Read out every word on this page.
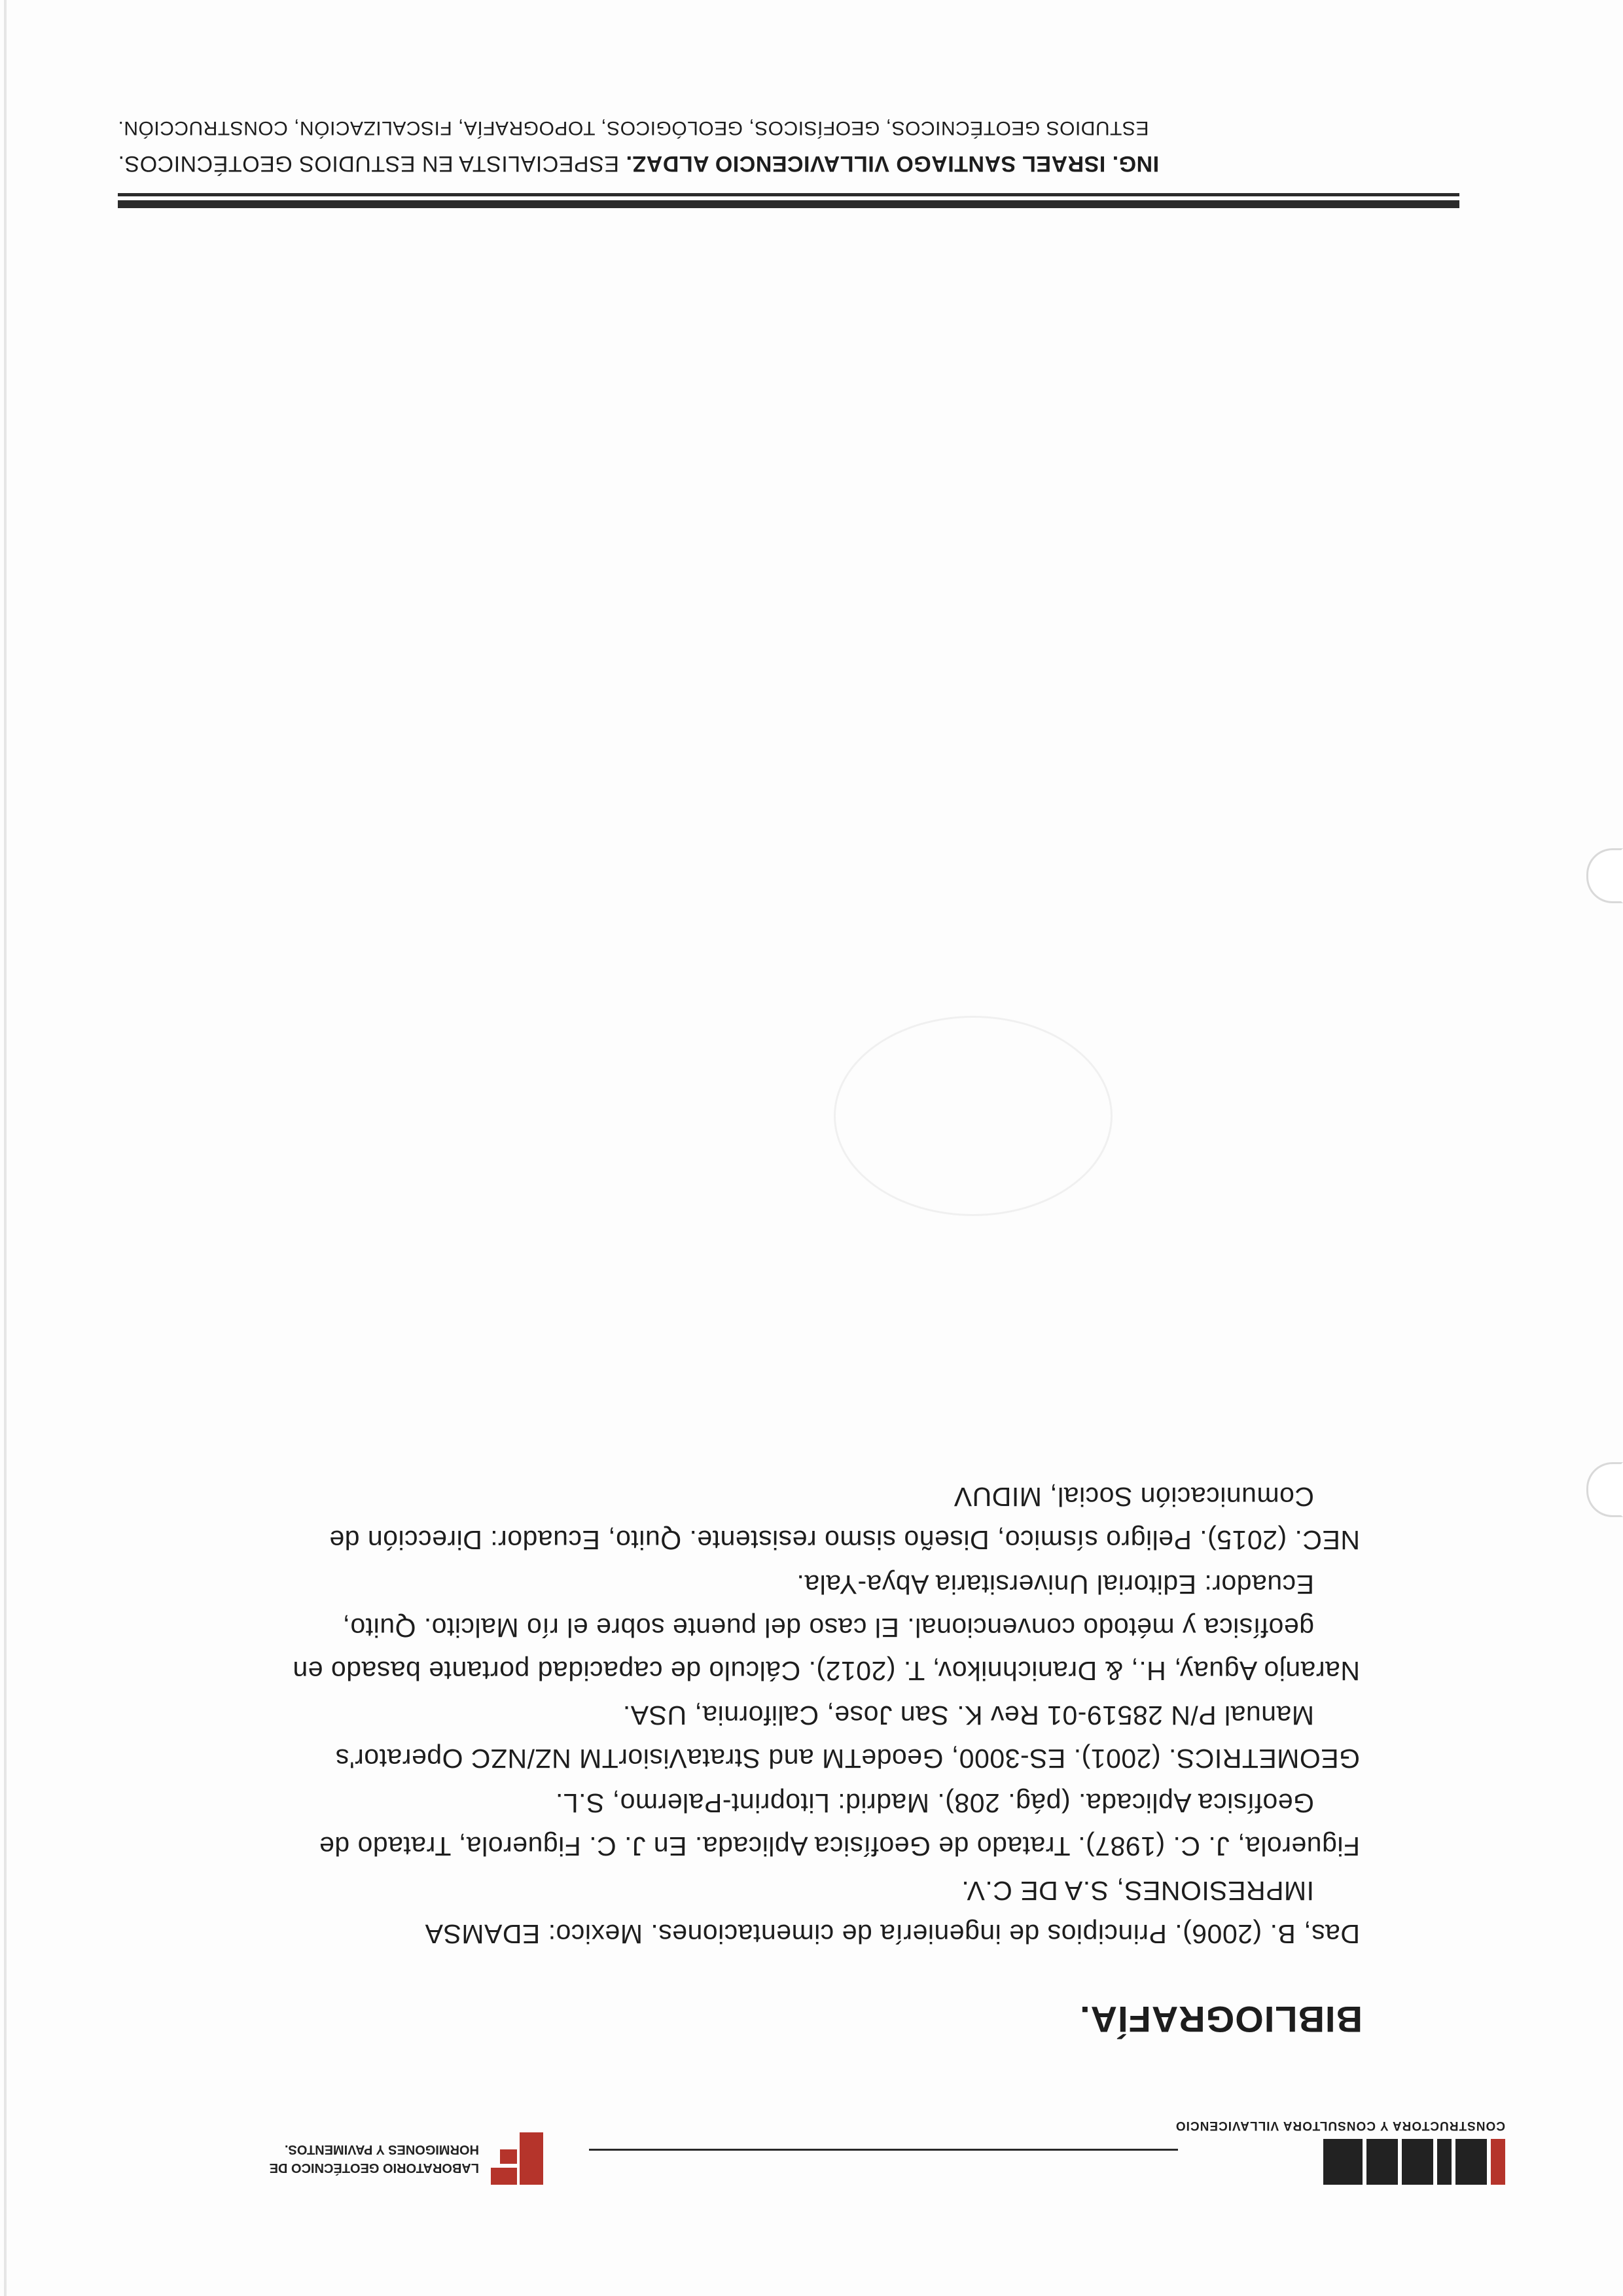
CONSTRUCTORA Y CONSULTORA VILLAVICENCIO
LABORATORIO GEOTÉCNICO DE
HORMIGONES Y PAVIMENTOS.
BIBLIOGRAFÍA.
Das, B. (2006). Principios de ingeniería de cimentaciones. Mexico: EDAMSA IMPRESIONES, S.A DE C.V.
Figuerola, J. C. (1987). Tratado de Geofísica Aplicada. En J. C. Figuerola, Tratado de Geofísica Aplicada. (pág. 208). Madrid: Litoprint-Palermo, S.L.
GEOMETRICS. (2001). ES-3000, GeodeTM and StrataVisiorTM NZ/NZC Operator's Manual P/N 28519-01 Rev K. San Jose, California, USA.
Naranjo Aguay, H., & Dranichnikov, T. (2012). Cálculo de capacidad portante basado en geofísica y método convencional. El caso del puente sobre el río Malcito. Quito, Ecuador: Editorial Universitaria Abya-Yala.
NEC. (2015). Peligro sísmico, Diseño sismo resistente. Quito, Ecuador: Dirección de Comunicación Social, MIDUV
ING. ISRAEL SANTIAGO VILLAVICENCIO ALDAZ. ESPECIALISTA EN ESTUDIOS GEOTÉCNICOS.
ESTUDIOS GEOTÉCNICOS, GEOFÍSICOS, GEOLÓGICOS, TOPOGRAFÍA, FISCALIZACIÓN, CONSTRUCCIÓN.
